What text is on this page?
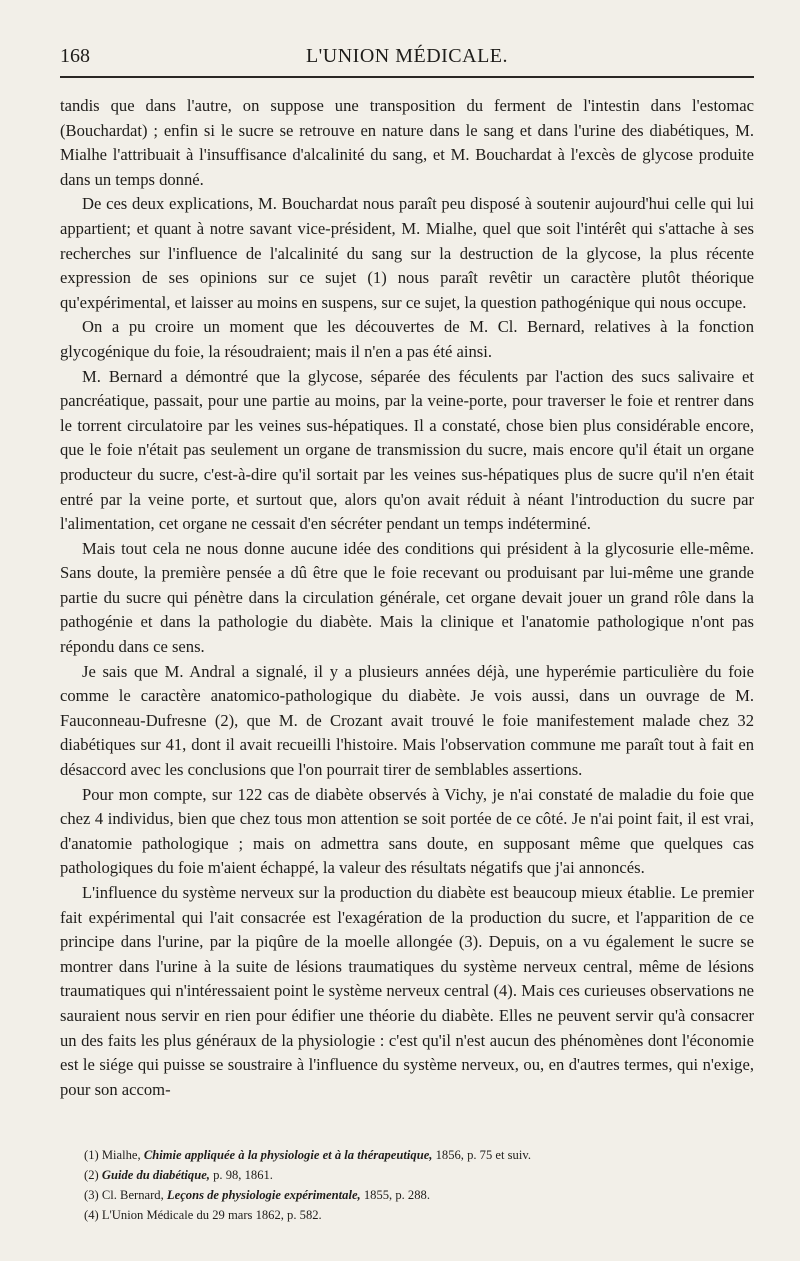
168	L'UNION MÉDICALE.

tandis que dans l'autre, on suppose une transposition du ferment de l'intestin dans l'estomac (Bouchardat) ; enfin si le sucre se retrouve en nature dans le sang et dans l'urine des diabétiques, M. Mialhe l'attribuait à l'insuffisance d'alcalinité du sang, et M. Bouchardat à l'excès de glycose produite dans un temps donné.

De ces deux explications, M. Bouchardat nous paraît peu disposé à soutenir aujourd'hui celle qui lui appartient; et quant à notre savant vice-président, M. Mialhe, quel que soit l'intérêt qui s'attache à ses recherches sur l'influence de l'alcalinité du sang sur la destruction de la glycose, la plus récente expression de ses opinions sur ce sujet (1) nous paraît revêtir un caractère plutôt théorique qu'expérimental, et laisser au moins en suspens, sur ce sujet, la question pathogénique qui nous occupe.

On a pu croire un moment que les découvertes de M. Cl. Bernard, relatives à la fonction glycogénique du foie, la résoudraient; mais il n'en a pas été ainsi.

M. Bernard a démontré que la glycose, séparée des féculents par l'action des sucs salivaire et pancréatique, passait, pour une partie au moins, par la veine-porte, pour traverser le foie et rentrer dans le torrent circulatoire par les veines sus-hépatiques. Il a constaté, chose bien plus considérable encore, que le foie n'était pas seulement un organe de transmission du sucre, mais encore qu'il était un organe producteur du sucre, c'est-à-dire qu'il sortait par les veines sus-hépatiques plus de sucre qu'il n'en était entré par la veine porte, et surtout que, alors qu'on avait réduit à néant l'introduction du sucre par l'alimentation, cet organe ne cessait d'en sécréter pendant un temps indéterminé.

Mais tout cela ne nous donne aucune idée des conditions qui président à la glycosurie elle-même. Sans doute, la première pensée a dû être que le foie recevant ou produisant par lui-même une grande partie du sucre qui pénètre dans la circulation générale, cet organe devait jouer un grand rôle dans la pathogénie et dans la pathologie du diabète. Mais la clinique et l'anatomie pathologique n'ont pas répondu dans ce sens.

Je sais que M. Andral a signalé, il y a plusieurs années déjà, une hyperémie particulière du foie comme le caractère anatomico-pathologique du diabète. Je vois aussi, dans un ouvrage de M. Fauconneau-Dufresne (2), que M. de Crozant avait trouvé le foie manifestement malade chez 32 diabétiques sur 41, dont il avait recueilli l'histoire. Mais l'observation commune me paraît tout à fait en désaccord avec les conclusions que l'on pourrait tirer de semblables assertions.

Pour mon compte, sur 122 cas de diabète observés à Vichy, je n'ai constaté de maladie du foie que chez 4 individus, bien que chez tous mon attention se soit portée de ce côté. Je n'ai point fait, il est vrai, d'anatomie pathologique ; mais on admettra sans doute, en supposant même que quelques cas pathologiques du foie m'aient échappé, la valeur des résultats négatifs que j'ai annoncés.

L'influence du système nerveux sur la production du diabète est beaucoup mieux établie. Le premier fait expérimental qui l'ait consacrée est l'exagération de la production du sucre, et l'apparition de ce principe dans l'urine, par la piqûre de la moelle allongée (3). Depuis, on a vu également le sucre se montrer dans l'urine à la suite de lésions traumatiques du système nerveux central, même de lésions traumatiques qui n'intéressaient point le système nerveux central (4). Mais ces curieuses observations ne sauraient nous servir en rien pour édifier une théorie du diabète. Elles ne peuvent servir qu'à consacrer un des faits les plus généraux de la physiologie : c'est qu'il n'est aucun des phénomènes dont l'économie est le siége qui puisse se soustraire à l'influence du système nerveux, ou, en d'autres termes, qui n'exige, pour son accom-

(1) Mialhe, Chimie appliquée à la physiologie et à la thérapeutique, 1856, p. 75 et suiv.
(2) Guide du diabétique, p. 98, 1861.
(3) Cl. Bernard, Leçons de physiologie expérimentale, 1855, p. 288.
(4) L'Union Médicale du 29 mars 1862, p. 582.
